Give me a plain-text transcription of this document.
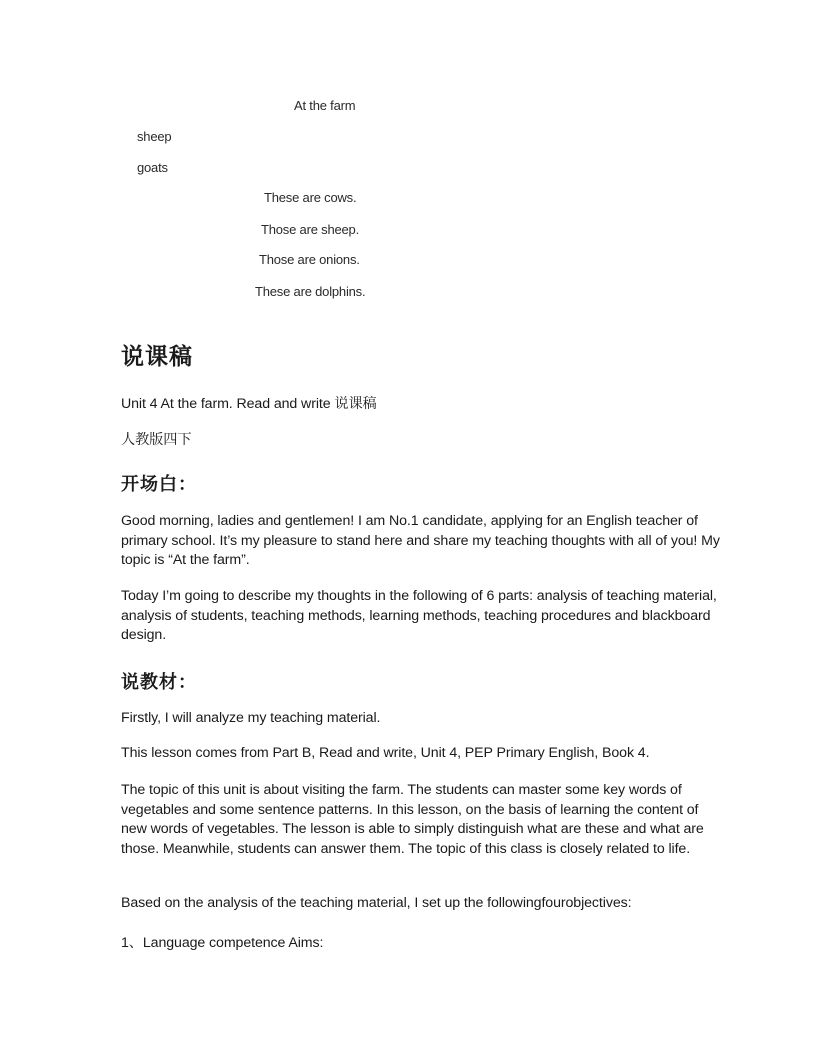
At the farm
sheep
goats
These are cows.
Those are sheep.
Those are onions.
These are dolphins.
说课稿
Unit 4 At the farm. Read and write 说课稿
人教版四下
开场白：
Good morning, ladies and gentlemen! I am No.1 candidate, applying for an English teacher of primary school. It’s my pleasure to stand here and share my teaching thoughts with all of you! My topic is “At the farm”.
Today I’m going to describe my thoughts in the following of 6 parts: analysis of teaching material, analysis of students, teaching methods, learning methods, teaching procedures and blackboard design.
说教材：
Firstly, I will analyze my teaching material.
This lesson comes from Part B, Read and write, Unit 4, PEP Primary English, Book 4.
The topic of this unit is about visiting the farm. The students can master some key words of vegetables and some sentence patterns. In this lesson, on the basis of learning the content of new words of vegetables. The lesson is able to simply distinguish what are these and what are those. Meanwhile, students can answer them. The topic of this class is closely related to life.
Based on the analysis of the teaching material, I set up the followingfourobjectives:
1、Language competence Aims:
